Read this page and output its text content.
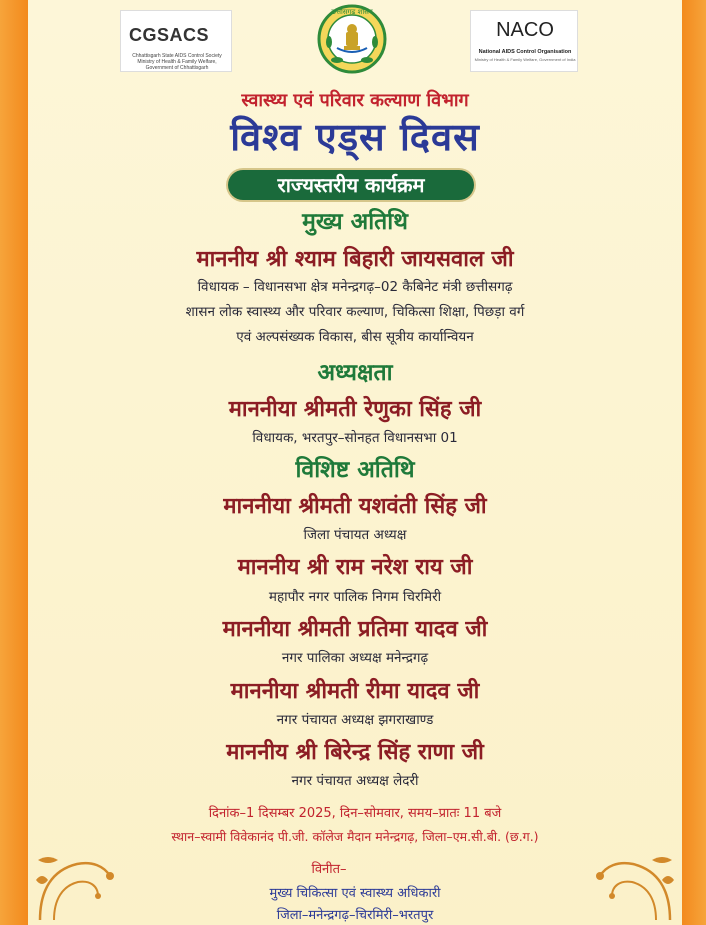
CGSACS
Chhattisgarh State AIDS Control Society
Ministry of Health & Family Welfare, Government of Chhattisgarh
छत्तीसगढ़ शासन
NACO
National AIDS Control Organisation
Ministry of Health & Family Welfare, Government of India
स्वास्थ्य एवं परिवार कल्याण विभाग
विश्व एड्स दिवस
राज्यस्तरीय कार्यक्रम
मुख्य अतिथि
माननीय श्री श्याम बिहारी जायसवाल जी
विधायक – विधानसभा क्षेत्र मनेन्द्रगढ़–02 कैबिनेट मंत्री छत्तीसगढ़
शासन लोक स्वास्थ्य और परिवार कल्याण, चिकित्सा शिक्षा, पिछड़ा वर्ग
एवं अल्पसंख्यक विकास, बीस सूत्रीय कार्यान्वियन
अध्यक्षता
माननीया श्रीमती रेणुका सिंह जी
विधायक, भरतपुर–सोनहत विधानसभा 01
विशिष्ट अतिथि
माननीया श्रीमती यशवंती सिंह जी
जिला पंचायत अध्यक्ष
माननीय श्री राम नरेश राय जी
महापौर नगर पालिक निगम चिरमिरी
माननीया श्रीमती प्रतिमा यादव जी
नगर पालिका अध्यक्ष मनेन्द्रगढ़
माननीया श्रीमती रीमा यादव जी
नगर पंचायत अध्यक्ष झगराखाण्ड
माननीय श्री बिरेन्द्र सिंह राणा जी
नगर पंचायत अध्यक्ष लेदरी
दिनांक–1 दिसम्बर 2025, दिन–सोमवार, समय–प्रातः 11 बजे
स्थान–स्वामी विवेकानंद पी.जी. कॉलेज मैदान मनेन्द्रगढ़, जिला–एम.सी.बी. (छ.ग.)
विनीत–
मुख्य चिकित्सा एवं स्वास्थ्य अधिकारी
जिला–मनेन्द्रगढ़–चिरमिरी–भरतपुर
